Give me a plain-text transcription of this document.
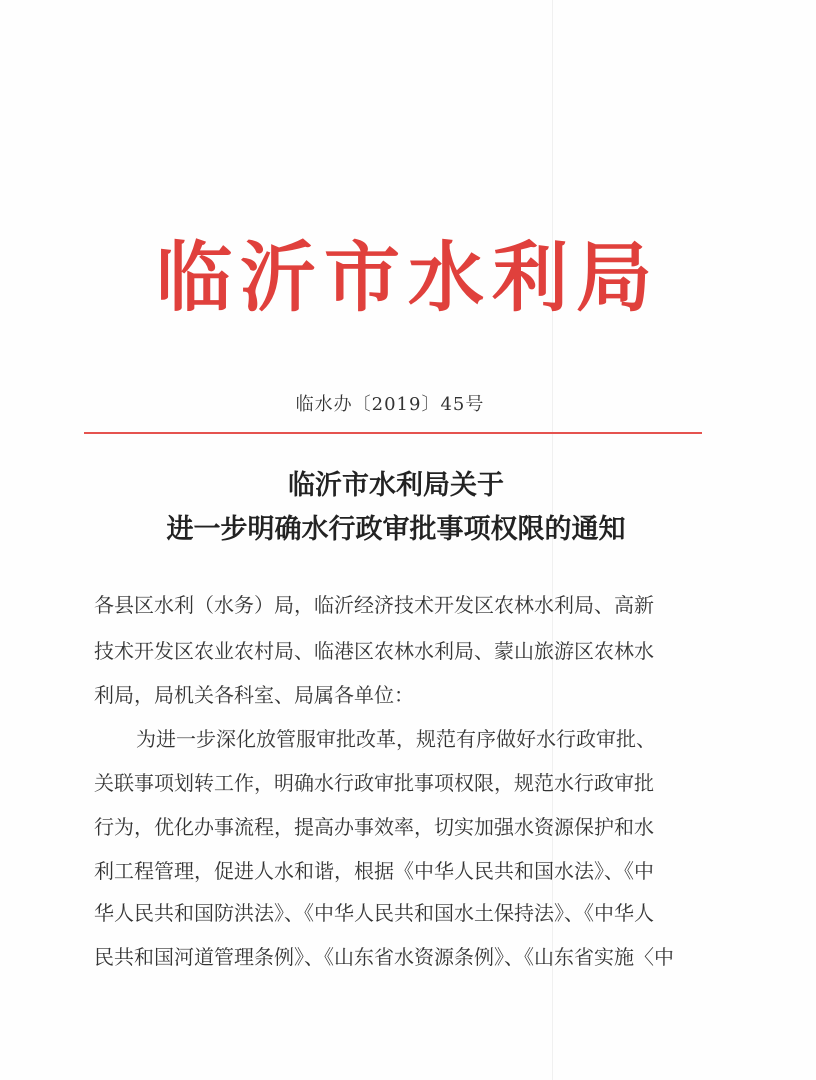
临沂市水利局
临水办〔2019〕45号
临沂市水利局关于
进一步明确水行政审批事项权限的通知
各县区水利（水务）局，临沂经济技术开发区农林水利局、高新
技术开发区农业农村局、临港区农林水利局、蒙山旅游区农林水
利局，局机关各科室、局属各单位：
为进一步深化放管服审批改革，规范有序做好水行政审批、
关联事项划转工作，明确水行政审批事项权限，规范水行政审批
行为，优化办事流程，提高办事效率，切实加强水资源保护和水
利工程管理，促进人水和谐，根据《中华人民共和国水法》、《中
华人民共和国防洪法》、《中华人民共和国水土保持法》、《中华人
民共和国河道管理条例》、《山东省水资源条例》、《山东省实施〈中
